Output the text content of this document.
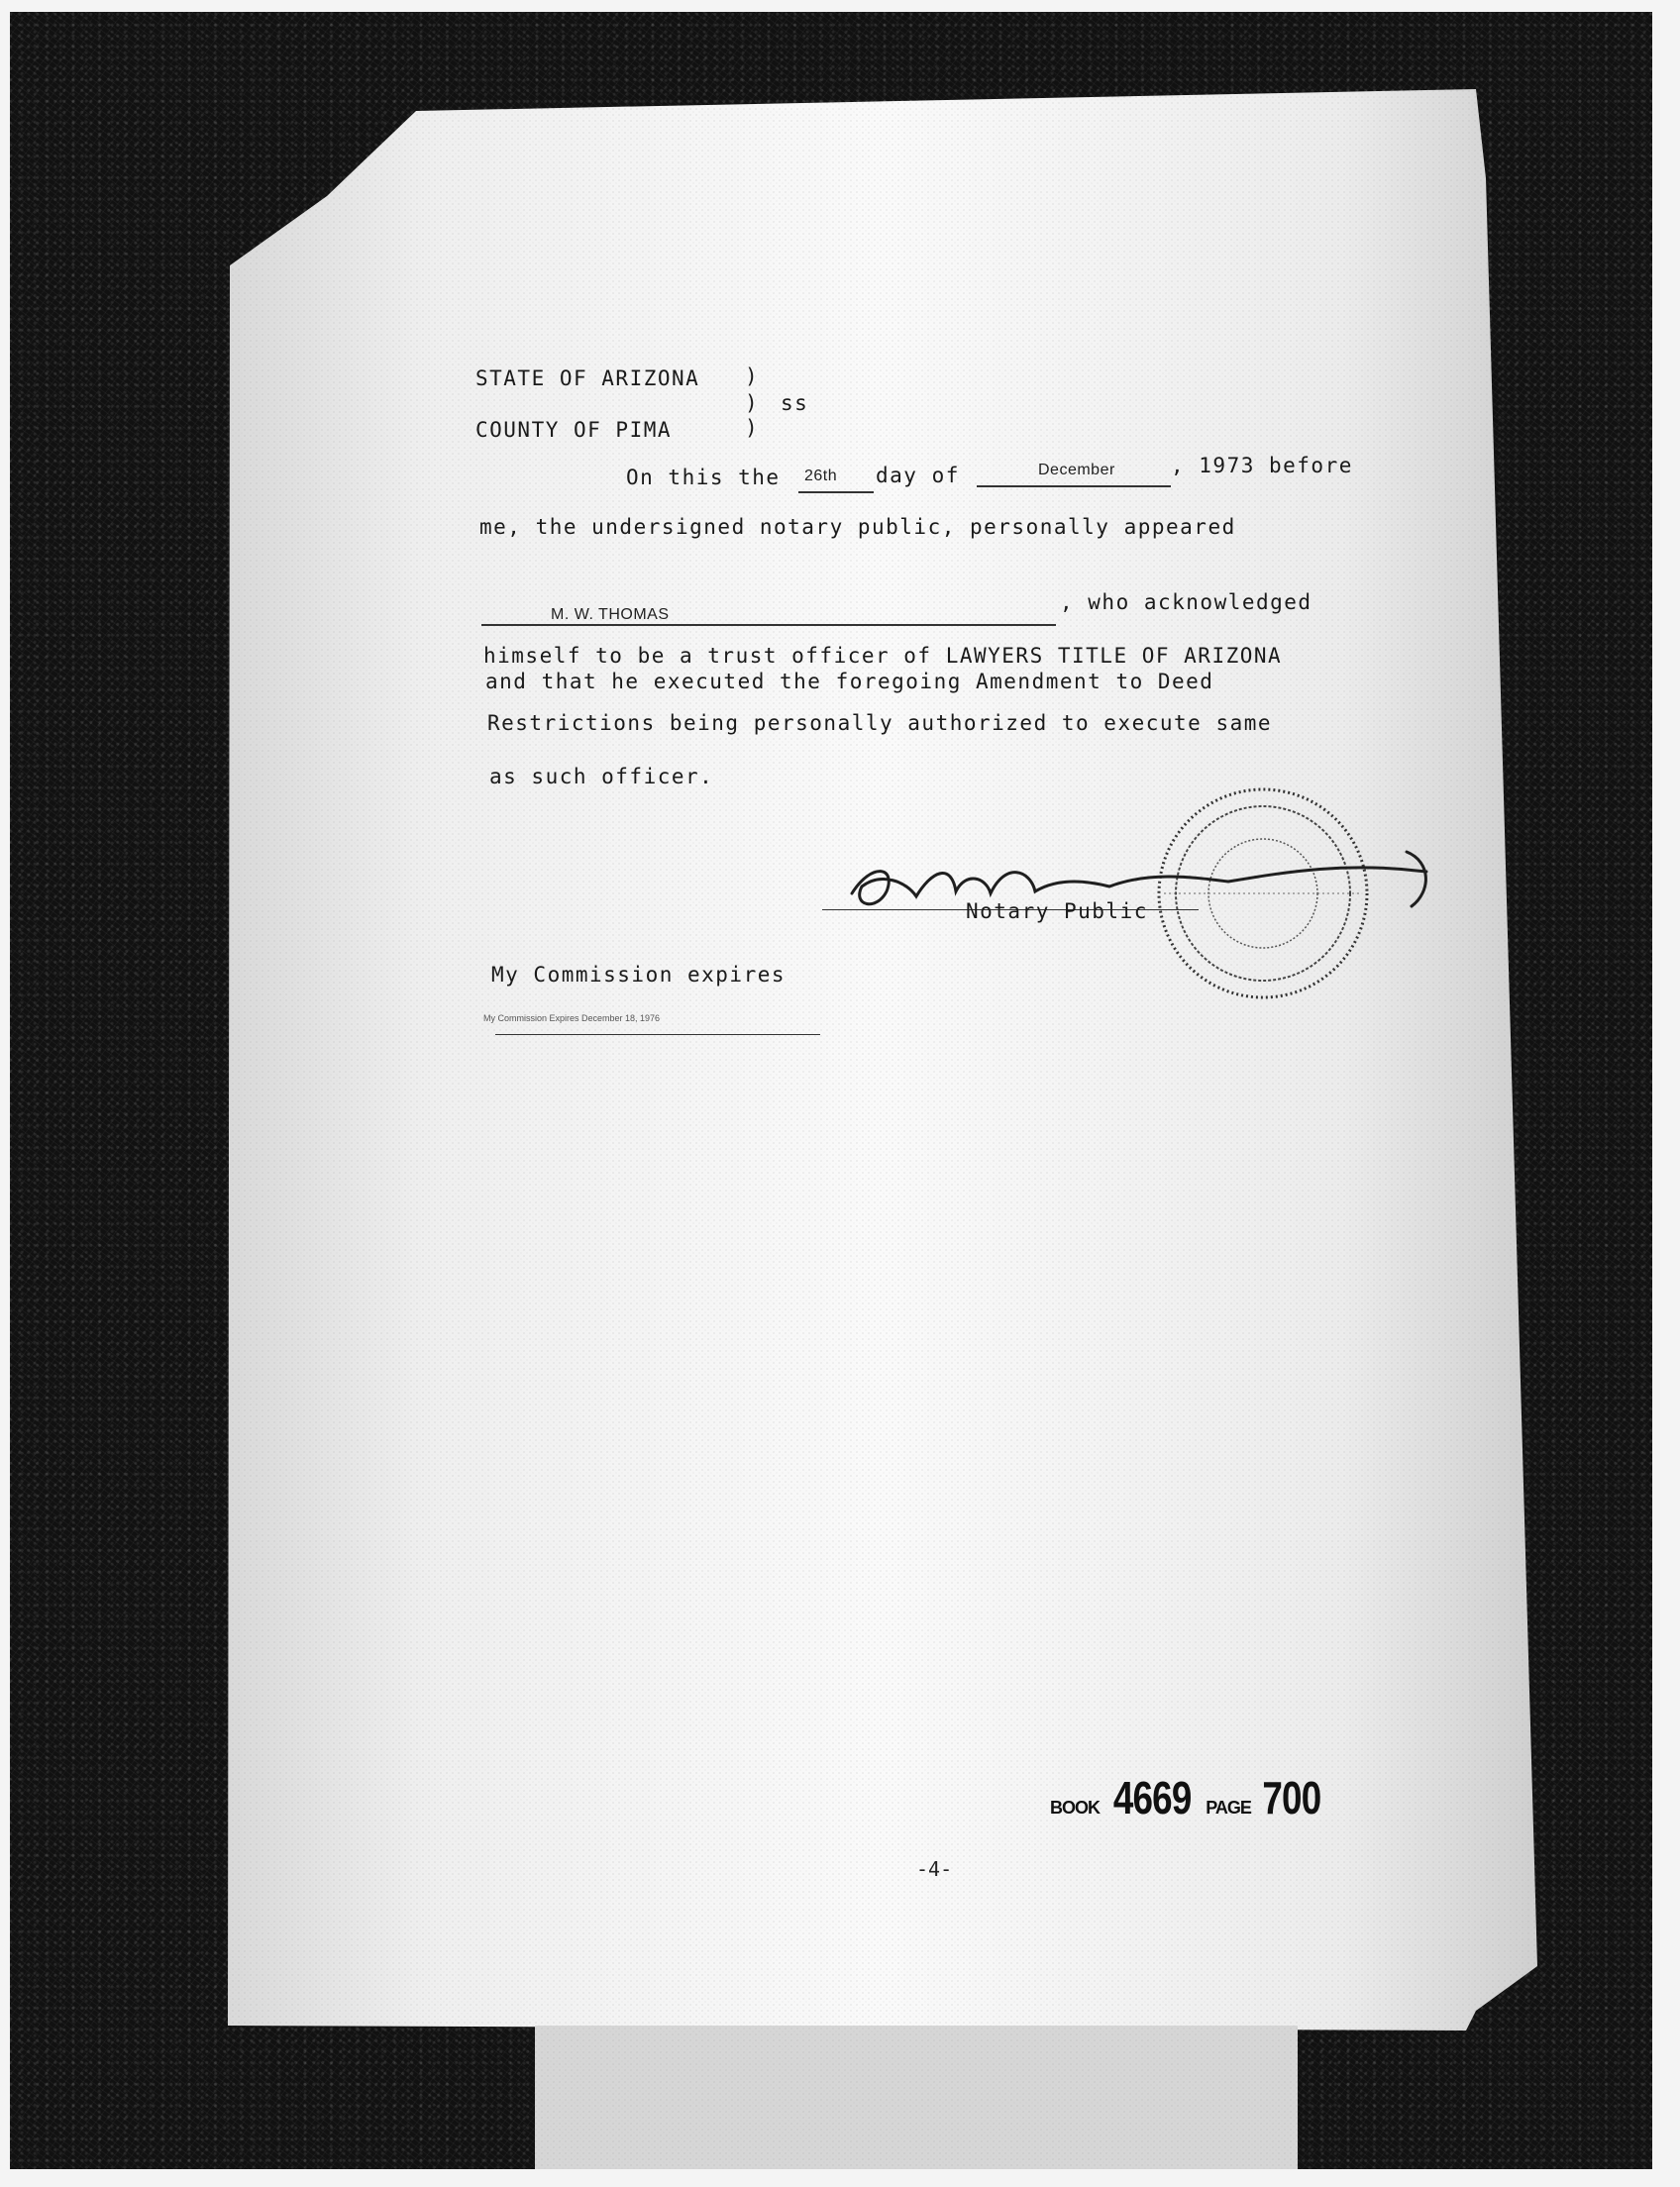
STATE OF ARIZONA )
) ss
COUNTY OF PIMA	)
On this the 26th day of	December	, 1973 before
me, the undersigned notary public, personally appeared
M. W. THOMAS
, who acknowledged
himself to be a trust officer of LAWYERS TITLE OF ARIZONA
and that he executed the foregoing Amendment to Deed
Restrictions being personally authorized to execute same
as such officer.
Notary Public
My Commission expires
My Commission Expires December 18, 1976
BOOK 4669 PAGE 700
-4-
